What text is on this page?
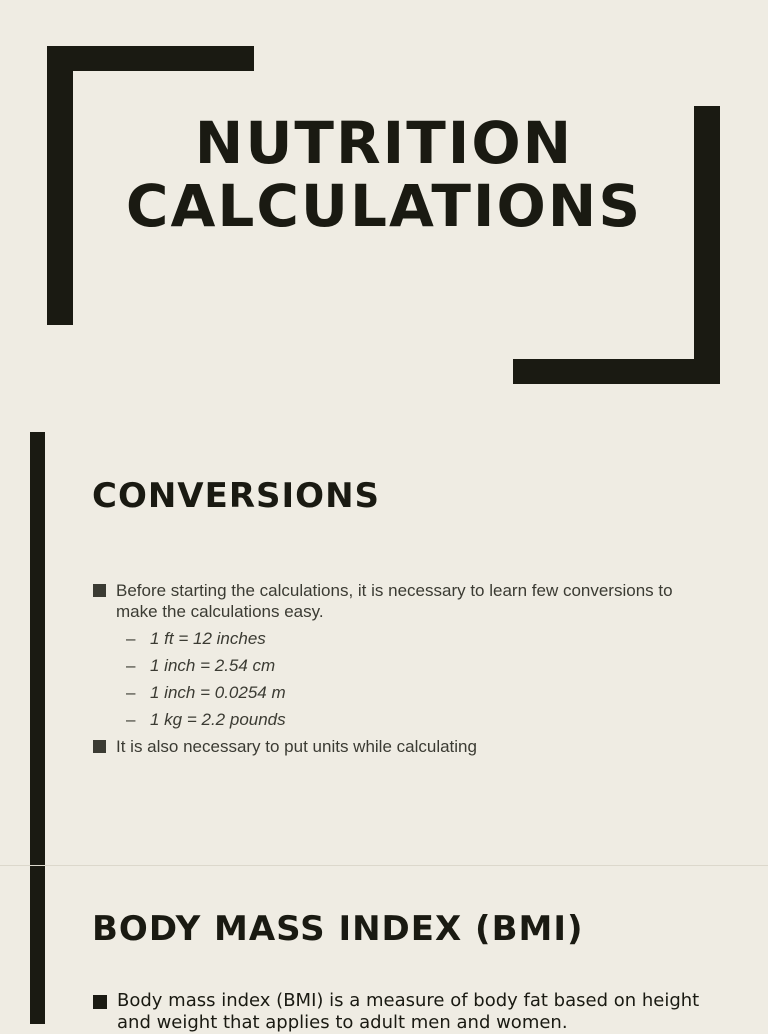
NUTRITION
CALCULATIONS
CONVERSIONS
Before starting the calculations, it is necessary to learn few conversions to make the calculations easy.
– 1 ft = 12 inches
– 1 inch = 2.54 cm
– 1 inch = 0.0254 m
– 1 kg = 2.2 pounds
It is also necessary to put units while calculating
BODY MASS INDEX (BMI)
Body mass index (BMI) is a measure of body fat based on height and weight that applies to adult men and women.
